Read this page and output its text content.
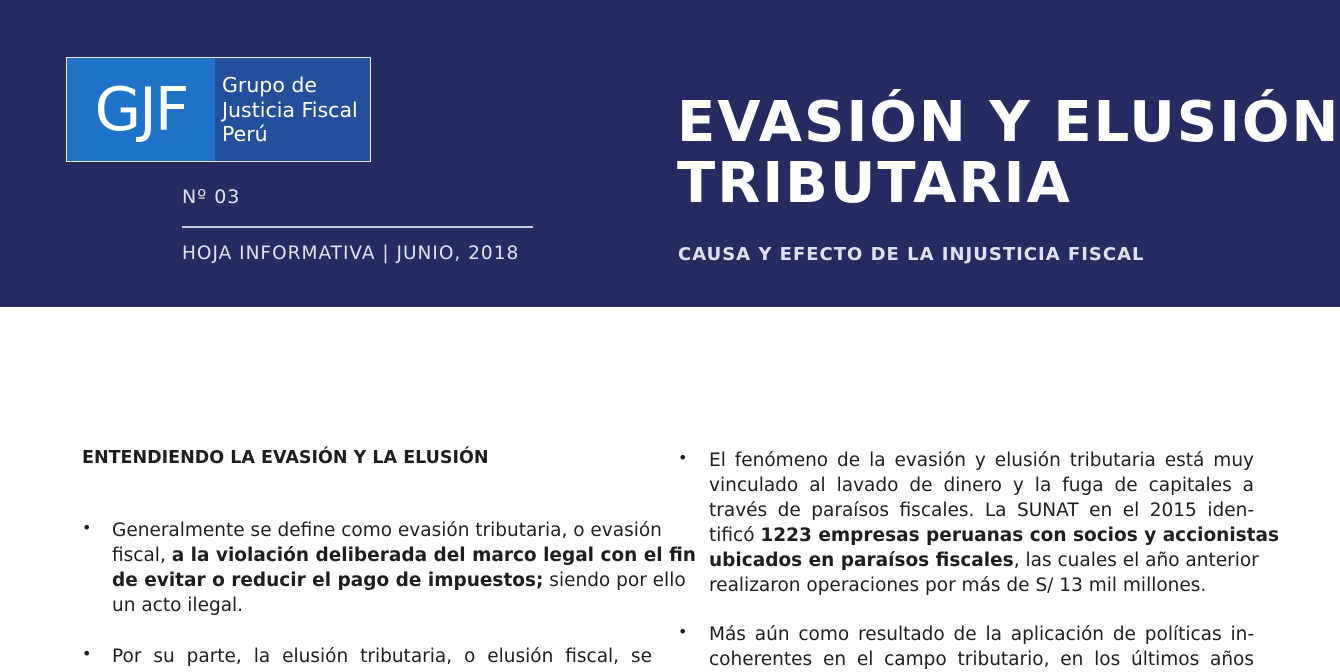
GJF	Grupo de
Justicia Fiscal
Perú
Nº 03
HOJA INFORMATIVA | JUNIO, 2018
EVASIÓN Y ELUSIÓN
TRIBUTARIA
CAUSA Y EFECTO DE LA INJUSTICIA FISCAL
ENTENDIENDO LA EVASIÓN Y LA ELUSIÓN
• Generalmente se define como evasión tributaria, o evasión
fiscal, a la violación deliberada del marco legal con el fin
de evitar o reducir el pago de impuestos; siendo por ello
un acto ilegal.

• Por su parte, la elusión tributaria, o elusión fiscal, se

• El fenómeno de la evasión y elusión tributaria está muy
vinculado al lavado de dinero y la fuga de capitales a
través de paraísos fiscales. La SUNAT en el 2015 iden-
tificó 1223 empresas peruanas con socios y accionistas
ubicados en paraísos fiscales, las cuales el año anterior
realizaron operaciones por más de S/ 13 mil millones.

• Más aún como resultado de la aplicación de políticas in-
coherentes en el campo tributario, en los últimos años
